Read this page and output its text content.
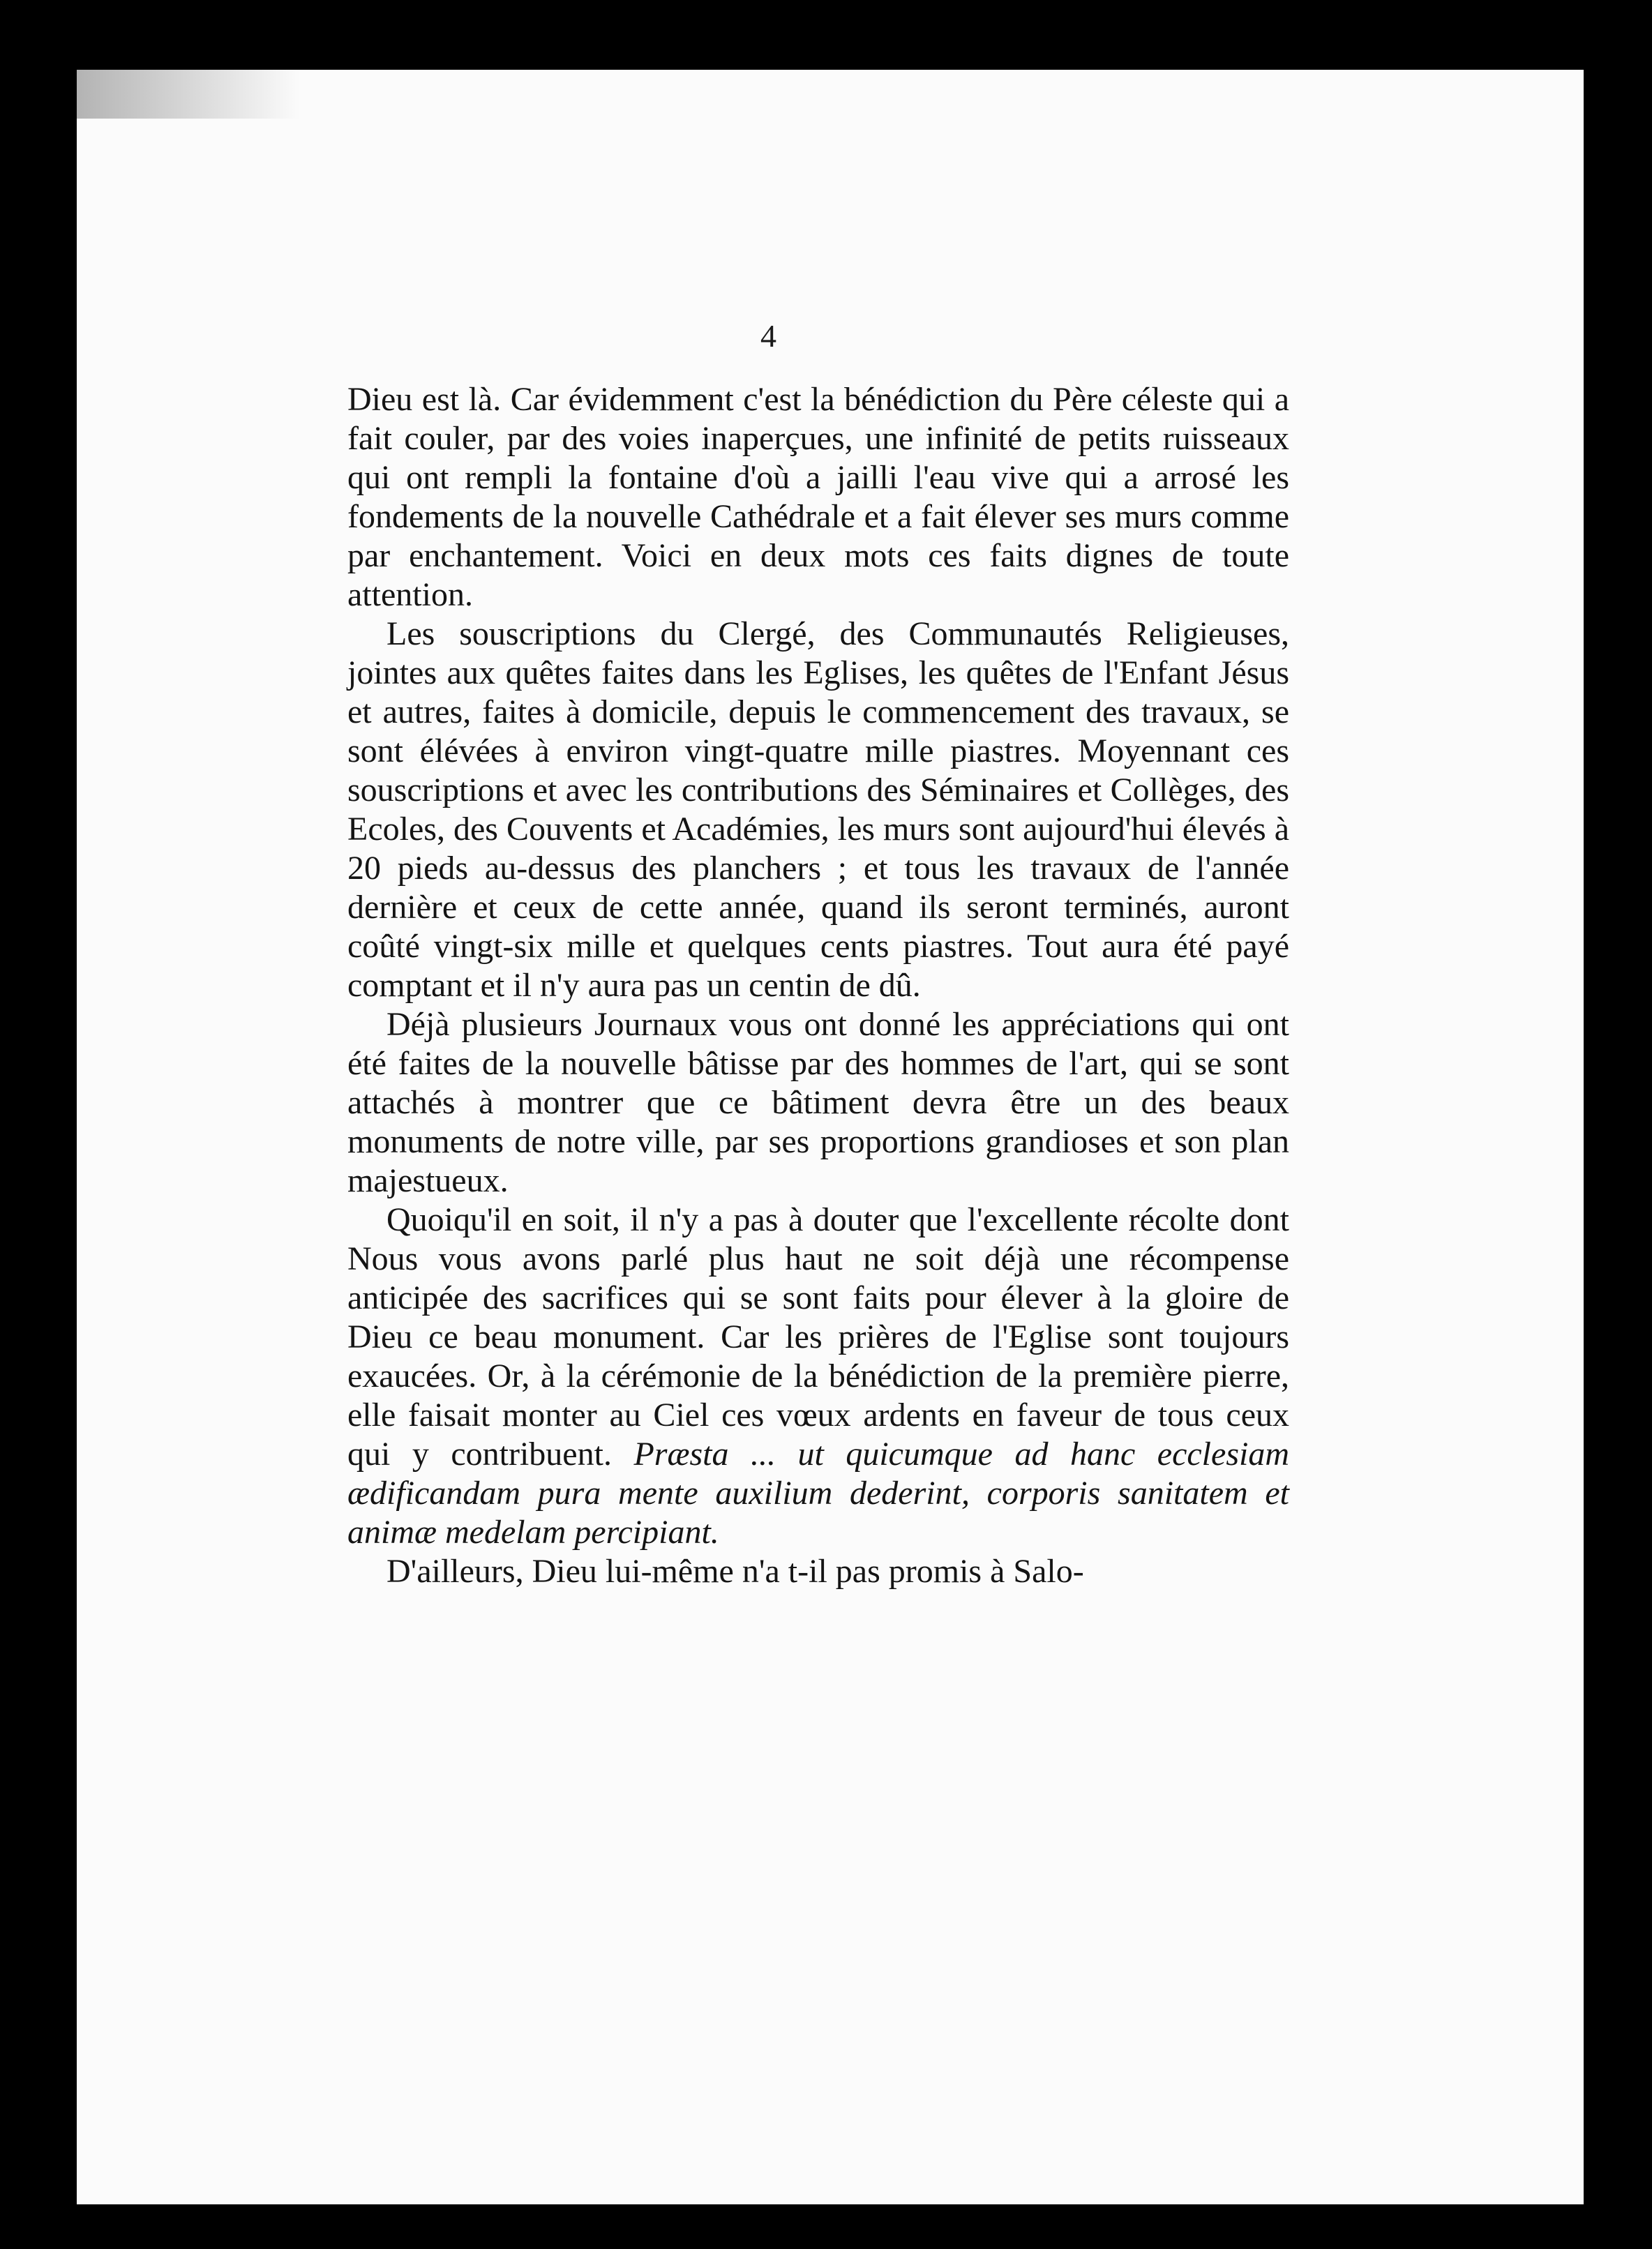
4

Dieu est là. Car évidemment c'est la bénédiction du Père céleste qui a fait couler, par des voies inaperçues, une infinité de petits ruisseaux qui ont rempli la fontaine d'où a jailli l'eau vive qui a arrosé les fondements de la nouvelle Cathédrale et a fait élever ses murs comme par enchantement. Voici en deux mots ces faits dignes de toute attention.

Les souscriptions du Clergé, des Communautés Religieuses, jointes aux quêtes faites dans les Eglises, les quêtes de l'Enfant Jésus et autres, faites à domicile, depuis le commencement des travaux, se sont élévées à environ vingt-quatre mille piastres. Moyennant ces souscriptions et avec les contributions des Séminaires et Collèges, des Ecoles, des Couvents et Académies, les murs sont aujourd'hui élevés à 20 pieds au-dessus des planchers ; et tous les travaux de l'année dernière et ceux de cette année, quand ils seront terminés, auront coûté vingt-six mille et quelques cents piastres. Tout aura été payé comptant et il n'y aura pas un centin de dû.

Déjà plusieurs Journaux vous ont donné les appréciations qui ont été faites de la nouvelle bâtisse par des hommes de l'art, qui se sont attachés à montrer que ce bâtiment devra être un des beaux monuments de notre ville, par ses proportions grandioses et son plan majestueux.

Quoiqu'il en soit, il n'y a pas à douter que l'excellente récolte dont Nous vous avons parlé plus haut ne soit déjà une récompense anticipée des sacrifices qui se sont faits pour élever à la gloire de Dieu ce beau monument. Car les prières de l'Eglise sont toujours exaucées. Or, à la cérémonie de la bénédiction de la première pierre, elle faisait monter au Ciel ces vœux ardents en faveur de tous ceux qui y contribuent. Præsta ... ut quicumque ad hanc ecclesiam ædificandam pura mente auxilium dederint, corporis sanitatem et animæ medelam percipiant.

D'ailleurs, Dieu lui-même n'a t-il pas promis à Salo-
